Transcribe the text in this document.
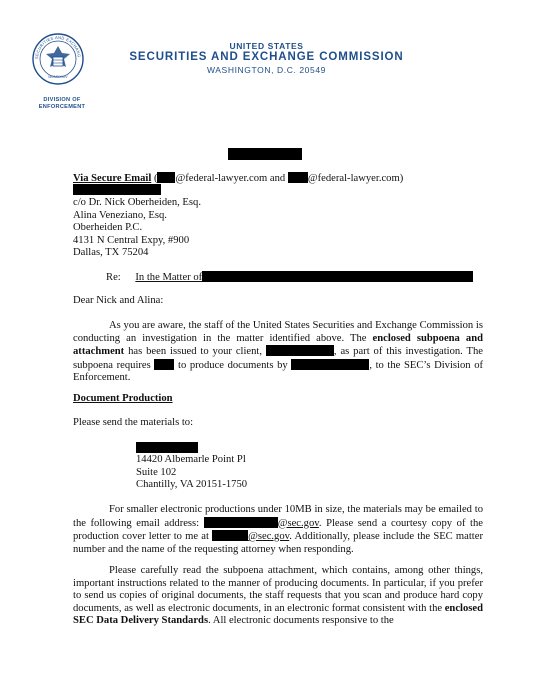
SECURITIES AND EXCHANG
MCMXXXIV
DIVISION OF
ENFORCEMENT
UNITED STATES
SECURITIES AND EXCHANGE COMMISSION
WASHINGTON, D.C. 20549
Via Secure Email ( @federal-lawyer.com and @federal-lawyer.com)
c/o Dr. Nick Oberheiden, Esq.
Alina Veneziano, Esq.
Oberheiden P.C.
4131 N Central Expy, #900
Dallas, TX 75204
Re: In the Matter of
Dear Nick and Alina:
As you are aware, the staff of the United States Securities and Exchange Commission is conducting an investigation in the matter identified above. The enclosed subpoena and attachment has been issued to your client,	, as part of this investigation. The subpoena requires	to produce documents by	, to the SEC’s Division of Enforcement.
Document Production
Please send the materials to:
14420 Albemarle Point Pl
Suite 102
Chantilly, VA 20151-1750
For smaller electronic productions under 10MB in size, the materials may be emailed to the following email address:	@sec.gov. Please send a courtesy copy of the production cover letter to me at	@sec.gov. Additionally, please include the SEC matter number and the name of the requesting attorney when responding.
Please carefully read the subpoena attachment, which contains, among other things, important instructions related to the manner of producing documents. In particular, if you prefer to send us copies of original documents, the staff requests that you scan and produce hard copy documents, as well as electronic documents, in an electronic format consistent with the enclosed SEC Data Delivery Standards. All electronic documents responsive to the
